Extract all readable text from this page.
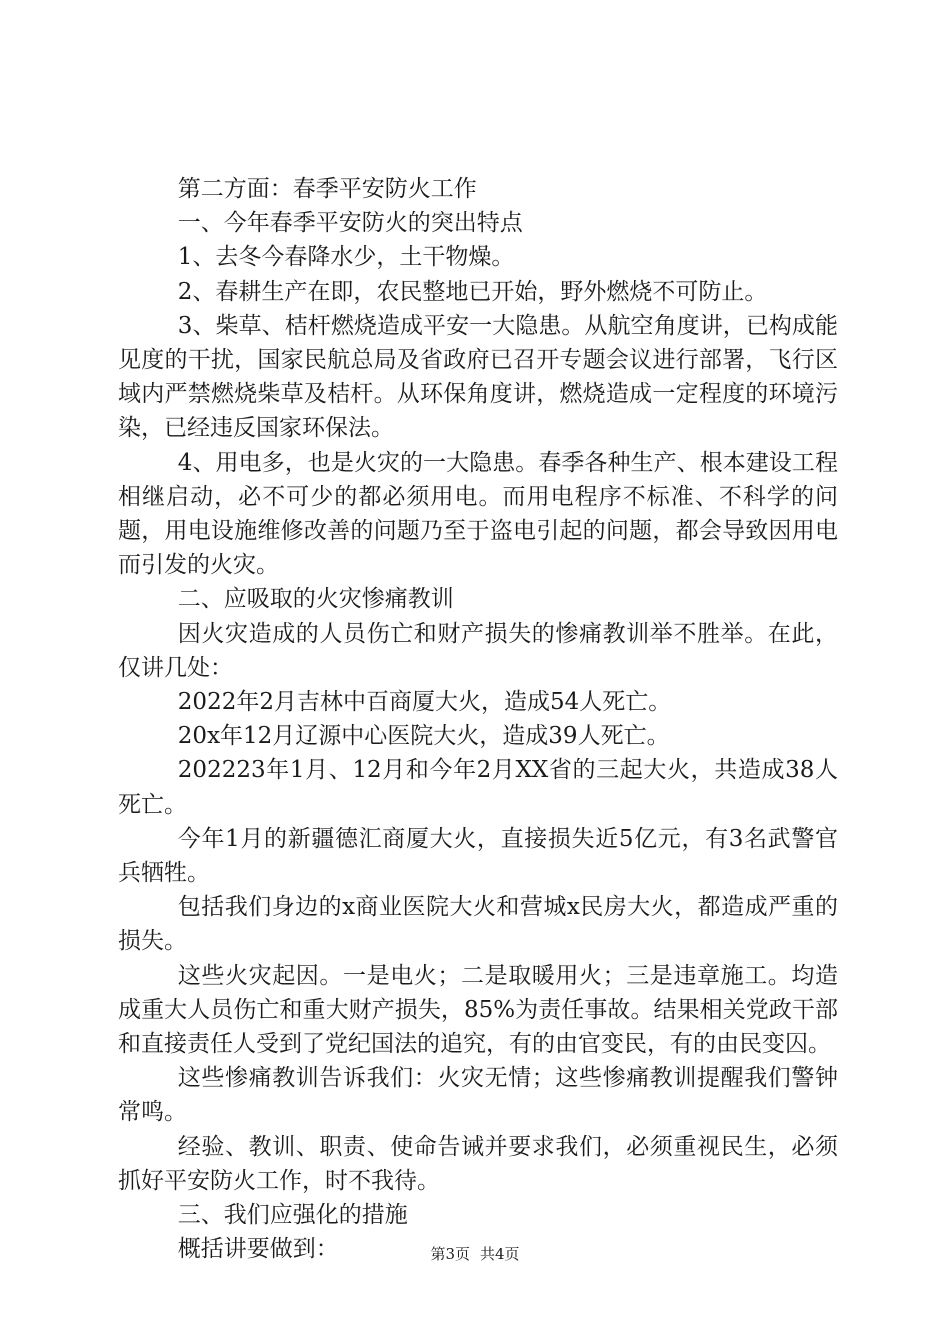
第二方面：春季平安防火工作

一、今年春季平安防火的突出特点

1、去冬今春降水少，土干物燥。

2、春耕生产在即，农民整地已开始，野外燃烧不可防止。

3、柴草、桔杆燃烧造成平安一大隐患。从航空角度讲，已构成能见度的干扰，国家民航总局及省政府已召开专题会议进行部署，飞行区域内严禁燃烧柴草及桔杆。从环保角度讲，燃烧造成一定程度的环境污染，已经违反国家环保法。

4、用电多，也是火灾的一大隐患。春季各种生产、根本建设工程相继启动，必不可少的都必须用电。而用电程序不标准、不科学的问题，用电设施维修改善的问题乃至于盗电引起的问题，都会导致因用电而引发的火灾。

二、应吸取的火灾惨痛教训

因火灾造成的人员伤亡和财产损失的惨痛教训举不胜举。在此，仅讲几处：

2022年2月吉林中百商厦大火，造成54人死亡。

20x年12月辽源中心医院大火，造成39人死亡。

202223年1月、12月和今年2月XX省的三起大火，共造成38人死亡。

今年1月的新疆德汇商厦大火，直接损失近5亿元，有3名武警官兵牺牲。

包括我们身边的x商业医院大火和营城x民房大火，都造成严重的损失。

这些火灾起因。一是电火；二是取暖用火；三是违章施工。均造成重大人员伤亡和重大财产损失，85%为责任事故。结果相关党政干部和直接责任人受到了党纪国法的追究，有的由官变民，有的由民变囚。

这些惨痛教训告诉我们：火灾无情；这些惨痛教训提醒我们警钟常鸣。

经验、教训、职责、使命告诫并要求我们，必须重视民生，必须抓好平安防火工作，时不我待。

三、我们应强化的措施

概括讲要做到：	第3页 共4页
